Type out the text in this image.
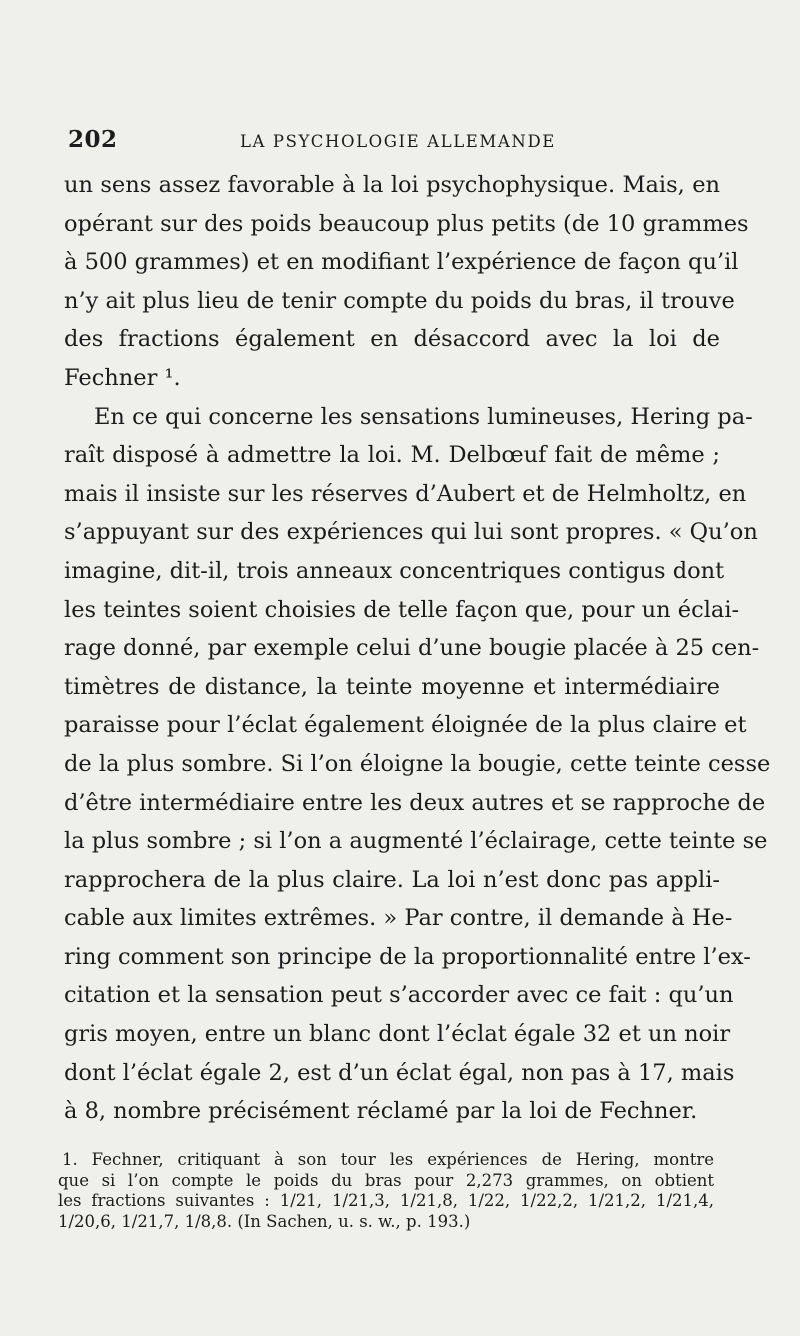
202	LA PSYCHOLOGIE ALLEMANDE
un sens assez favorable à la loi psychophysique. Mais, en
opérant sur des poids beaucoup plus petits (de 10 grammes
à 500 grammes) et en modifiant l’expérience de façon qu’il
n’y ait plus lieu de tenir compte du poids du bras, il trouve
des fractions également en désaccord avec la loi de
Fechner ¹.
En ce qui concerne les sensations lumineuses, Hering pa-
raît disposé à admettre la loi. M. Delbœuf fait de même ;
mais il insiste sur les réserves d’Aubert et de Helmholtz, en
s’appuyant sur des expériences qui lui sont propres. « Qu’on
imagine, dit-il, trois anneaux concentriques contigus dont
les teintes soient choisies de telle façon que, pour un éclai-
rage donné, par exemple celui d’une bougie placée à 25 cen-
timètres de distance, la teinte moyenne et intermédiaire
paraisse pour l’éclat également éloignée de la plus claire et
de la plus sombre. Si l’on éloigne la bougie, cette teinte cesse
d’être intermédiaire entre les deux autres et se rapproche de
la plus sombre ; si l’on a augmenté l’éclairage, cette teinte se
rapprochera de la plus claire. La loi n’est donc pas appli-
cable aux limites extrêmes. » Par contre, il demande à He-
ring comment son principe de la proportionnalité entre l’ex-
citation et la sensation peut s’accorder avec ce fait : qu’un
gris moyen, entre un blanc dont l’éclat égale 32 et un noir
dont l’éclat égale 2, est d’un éclat égal, non pas à 17, mais
à 8, nombre précisément réclamé par la loi de Fechner.
1. Fechner, critiquant à son tour les expériences de Hering, montre
que si l’on compte le poids du bras pour 2,273 grammes, on obtient
les fractions suivantes : 1/21, 1/21,3, 1/21,8, 1/22, 1/22,2, 1/21,2, 1/21,4,
1/20,6, 1/21,7, 1/8,8. (In Sachen, u. s. w., p. 193.)
